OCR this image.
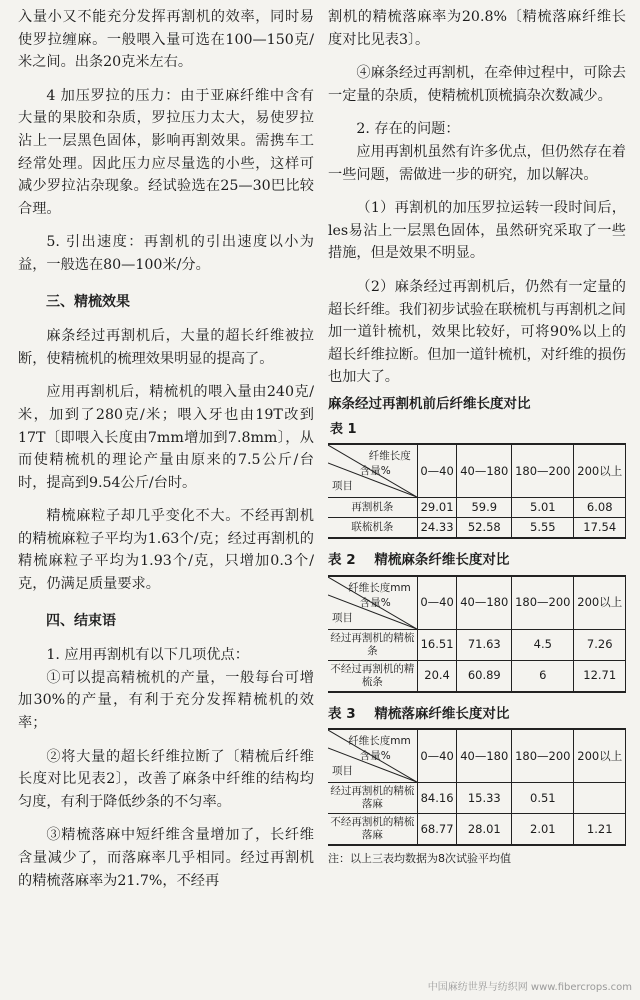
入量小又不能充分发挥再割机的效率，同时易使罗拉缠麻。一般喂入量可选在100—150克/米之间。出条20克米左右。

4 加压罗拉的压力：由于亚麻纤维中含有大量的果胶和杂质，罗拉压力太大，易使罗拉沾上一层黑色固体，影响再割效果。需携车工经常处理。因此压力应尽量选的小些，这样可减少罗拉沾杂现象。经试验选在25—30巴比较合理。

5. 引出速度：再割机的引出速度以小为益，一般选在80—100米/分。

三、精梳效果

麻条经过再割机后，大量的超长纤维被拉断，使精梳机的梳理效果明显的提高了。

应用再割机后，精梳机的喂入量由240克/米，加到了280克/米；喂入牙也由19T改到17T〔即喂入长度由7mm增加到7.8mm〕，从而使精梳机的理论产量由原来的7.5公斤/台时，提高到9.54公斤/台时。

精梳麻粒子却几乎变化不大。不经再割机的精梳麻粒子平均为1.63个/克；经过再割机的精梳麻粒子平均为1.93个/克，只增加0.3个/克，仍满足质量要求。

四、结束语

1. 应用再割机有以下几项优点：

①可以提高精梳机的产量，一般每台可增加30%的产量，有利于充分发挥精梳机的效率；

②将大量的超长纤维拉断了〔精梳后纤维长度对比见表2〕，改善了麻条中纤维的结构均匀度，有利于降低纱条的不匀率。

③精梳落麻中短纤维含量增加了，长纤维含量减少了，而落麻率几乎相同。经过再割机的精梳落麻率为21.7%，不经再

割机的精梳落麻率为20.8%〔精梳落麻纤维长度对比见表3〕。

④麻条经过再割机，在牵伸过程中，可除去一定量的杂质，使精梳机顶梳搞杂次数减少。

2. 存在的问题：

应用再割机虽然有许多优点，但仍然存在着一些问题，需做进一步的研究，加以解决。

（1）再割机的加压罗拉运转一段时间后，les易沾上一层黑色固体，虽然研究采取了一些措施，但是效果不明显。

（2）麻条经过再割机后，仍然有一定量的超长纤维。我们初步试验在联梳机与再割机之间加一道针梳机，效果比较好，可将90%以上的超长纤维拉断。但加一道针梳机，对纤维的损伤也加大了。

麻条经过再割机前后纤维长度对比

表 1

纤维长度
含量%
项目	0—40	40—180	180—200	200以上
再割机条	29.01	59.9	5.01	6.08
联梳机条	24.33	52.58	5.55	17.54

表 2 精梳麻条纤维长度对比

纤维长度mm
含量%
项目	0—40	40—180	180—200	200以上
经过再割机的精梳条	16.51	71.63	4.5	7.26
不经过再割机的精梳条	20.4	60.89	6	12.71

表 3 精梳落麻纤维长度对比

纤维长度mm
含量%
项目	0—40	40—180	180—200	200以上
经过再割机的精梳落麻	84.16	15.33	0.51	
不经再割机的精梳落麻	68.77	28.01	2.01	1.21

注：以上三表均数据为8次试验平均值

中国麻纺世界与纺织网 www.fibercrops.com
